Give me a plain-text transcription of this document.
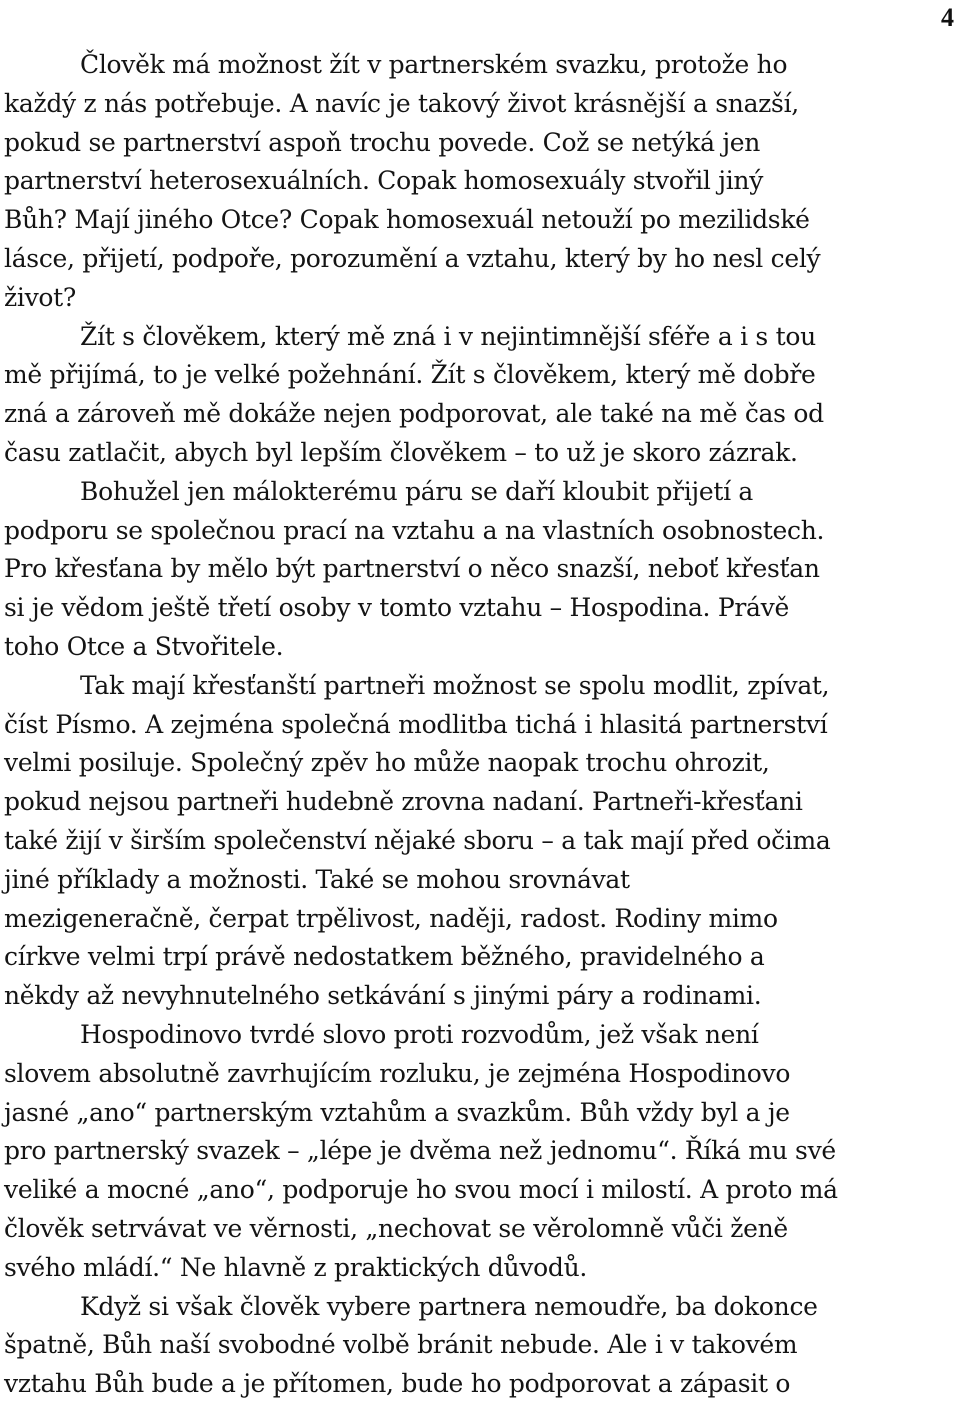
4

Člověk má možnost žít v partnerském svazku, protože ho
každý z nás potřebuje. A navíc je takový život krásnější a snazší,
pokud se partnerství aspoň trochu povede. Což se netýká jen
partnerství heterosexuálních. Copak homosexuály stvořil jiný
Bůh? Mají jiného Otce? Copak homosexuál netouží po mezilidské
lásce, přijetí, podpoře, porozumění a vztahu, který by ho nesl celý
život?

Žít s člověkem, který mě zná i v nejintimnější sféře a i s tou
mě přijímá, to je velké požehnání. Žít s člověkem, který mě dobře
zná a zároveň mě dokáže nejen podporovat, ale také na mě čas od
času zatlačit, abych byl lepším člověkem – to už je skoro zázrak.

Bohužel jen málokterému páru se daří kloubit přijetí a
podporu se společnou prací na vztahu a na vlastních osobnostech.
Pro křesťana by mělo být partnerství o něco snazší, neboť křesťan
si je vědom ještě třetí osoby v tomto vztahu – Hospodina. Právě
toho Otce a Stvořitele.

Tak mají křesťanští partneři možnost se spolu modlit, zpívat,
číst Písmo. A zejména společná modlitba tichá i hlasitá partnerství
velmi posiluje. Společný zpěv ho může naopak trochu ohrozit,
pokud nejsou partneři hudebně zrovna nadaní. Partneři-křesťani
také žijí v širším společenství nějaké sboru – a tak mají před očima
jiné příklady a možnosti. Také se mohou srovnávat
mezigeneračně, čerpat trpělivost, naději, radost. Rodiny mimo
církve velmi trpí právě nedostatkem běžného, pravidelného a
někdy až nevyhnutelného setkávání s jinými páry a rodinami.

Hospodinovo tvrdé slovo proti rozvodům, jež však není
slovem absolutně zavrhujícím rozluku, je zejména Hospodinovo
jasné „ano“ partnerským vztahům a svazkům. Bůh vždy byl a je
pro partnerský svazek – „lépe je dvěma než jednomu“. Říká mu své
veliké a mocné „ano“, podporuje ho svou mocí i milostí. A proto má
člověk setrvávat ve věrnosti, „nechovat se věrolomně vůči ženě
svého mládí.“ Ne hlavně z praktických důvodů.

Když si však člověk vybere partnera nemoudře, ba dokonce
špatně, Bůh naší svobodné volbě bránit nebude. Ale i v takovém
vztahu Bůh bude a je přítomen, bude ho podporovat a zápasit o
